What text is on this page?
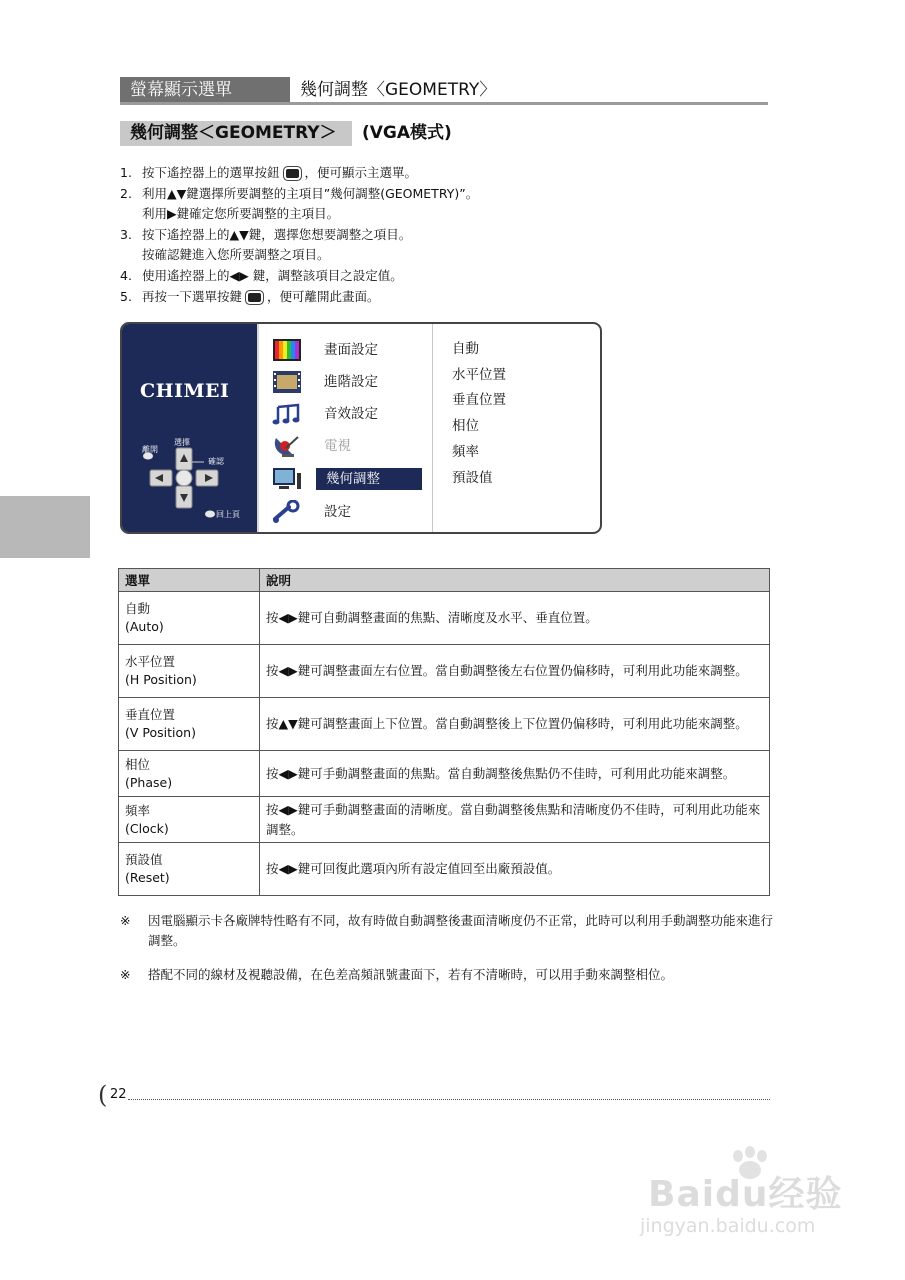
螢幕顯示選單	幾何調整〈GEOMETRY〉
幾何調整＜GEOMETRY＞	(VGA模式)
1. 按下遙控器上的選單按鈕 ，便可顯示主選單。
2. 利用▲▼鍵選擇所要調整的主項目”幾何調整(GEOMETRY)”。
利用▶鍵確定您所要調整的主項目。
3. 按下遙控器上的▲▼鍵，選擇您想要調整之項目。
按確認鍵進入您所要調整之項目。
4. 使用遙控器上的◀▶ 鍵，調整該項目之設定值。
5. 再按一下選單按鍵 ，便可離開此畫面。
CHIMEI
離開
選擇
確認
回上頁
畫面設定
進階設定
音效設定
電視
幾何調整
設定
自動
水平位置
垂直位置
相位
頻率
預設值
選單	說明

自動
(Auto)	按◀▶鍵可自動調整畫面的焦點、清晰度及水平、垂直位置。

水平位置
(H Position)	按◀▶鍵可調整畫面左右位置。當自動調整後左右位置仍偏移時，可利用此功能來調整。

垂直位置
(V Position)	按▲▼鍵可調整畫面上下位置。當自動調整後上下位置仍偏移時，可利用此功能來調整。

相位
(Phase)	按◀▶鍵可手動調整畫面的焦點。當自動調整後焦點仍不佳時，可利用此功能來調整。

頻率
(Clock)	按◀▶鍵可手動調整畫面的清晰度。當自動調整後焦點和清晰度仍不佳時，可利用此功能來調整。

預設值
(Reset)	按◀▶鍵可回復此選項內所有設定值回至出廠預設值。
※ 因電腦顯示卡各廠牌特性略有不同，故有時做自動調整後畫面清晰度仍不正常，此時可以利用手動調整功能來進行調整。
※ 搭配不同的線材及視聽設備，在色差高頻訊號畫面下，若有不清晰時，可以用手動來調整相位。
( 22
Baidu经验
jingyan.baidu.com
